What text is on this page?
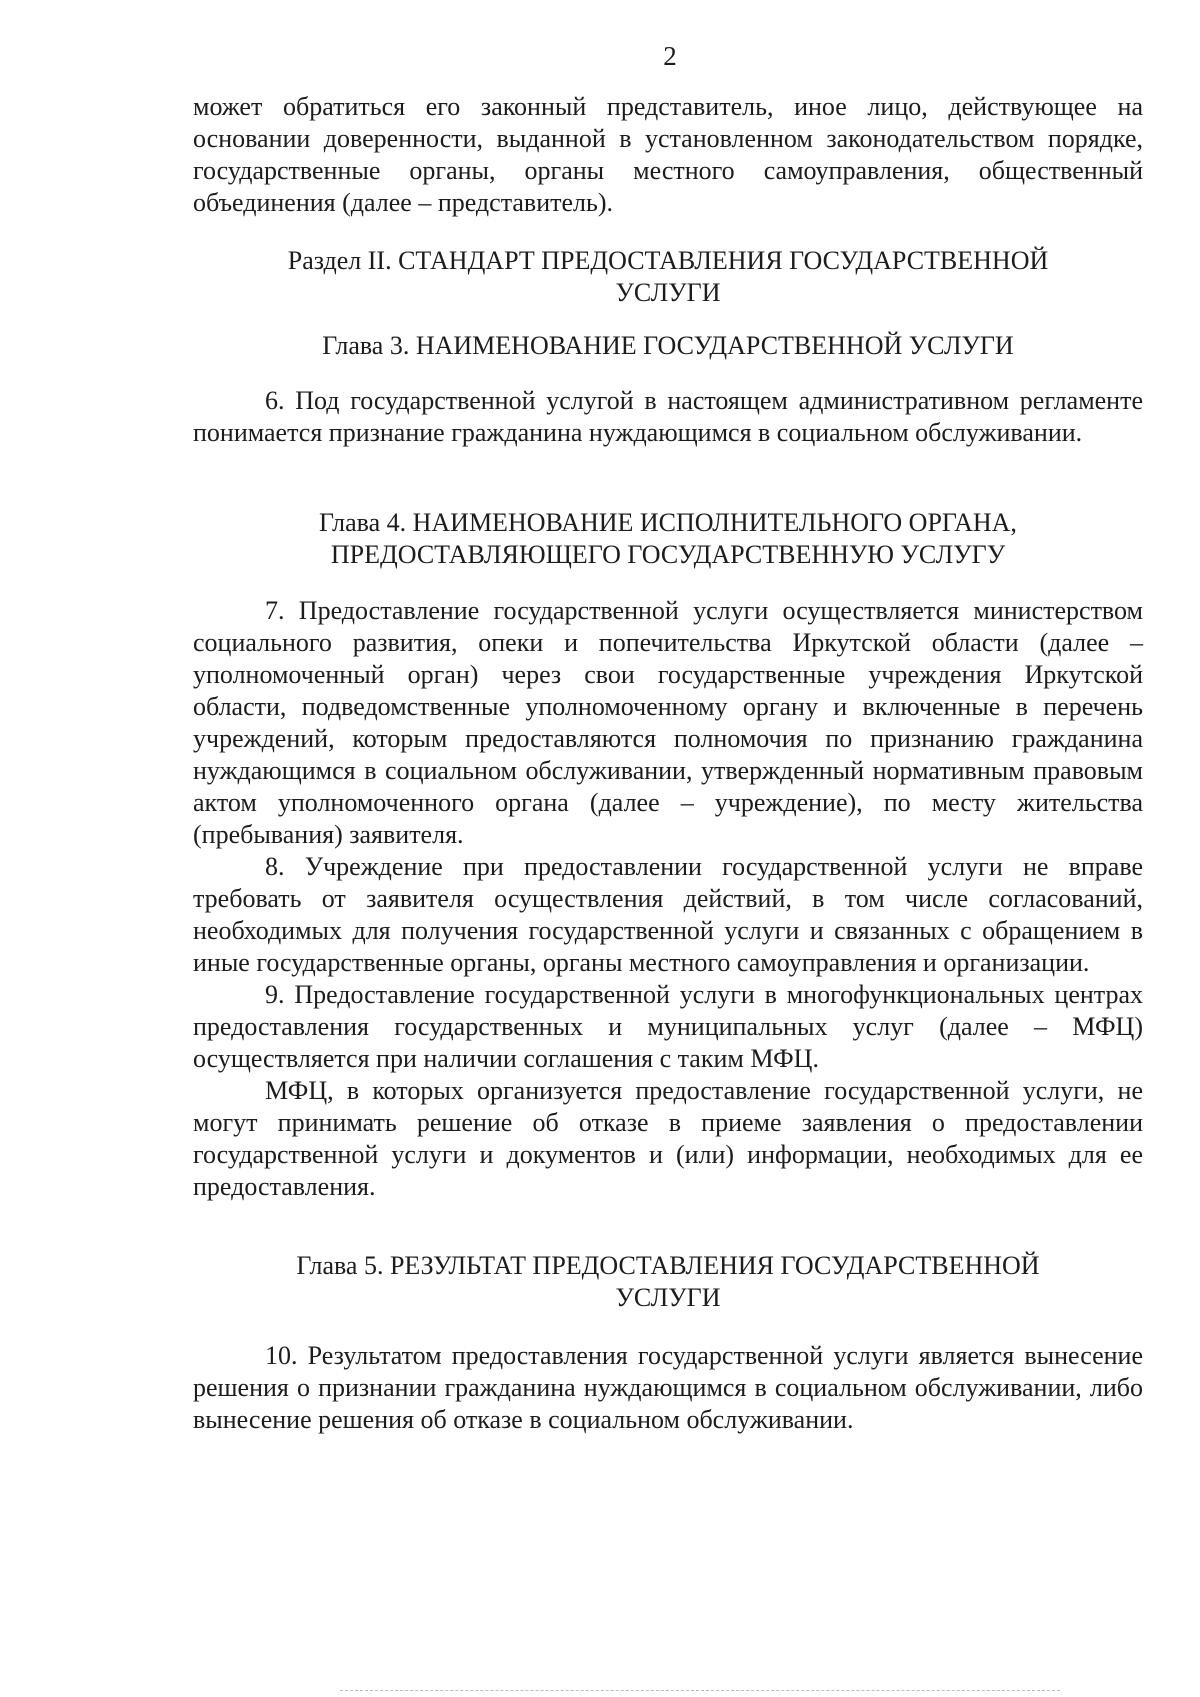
2

может обратиться его законный представитель, иное лицо, действующее на основании доверенности, выданной в установленном законодательством порядке, государственные органы, органы местного самоуправления, общественный объединения (далее – представитель).

Раздел II. СТАНДАРТ ПРЕДОСТАВЛЕНИЯ ГОСУДАРСТВЕННОЙ
УСЛУГИ
Глава 3. НАИМЕНОВАНИЕ ГОСУДАРСТВЕННОЙ УСЛУГИ

6. Под государственной услугой в настоящем административном регламенте понимается признание гражданина нуждающимся в социальном обслуживании.

Глава 4. НАИМЕНОВАНИЕ ИСПОЛНИТЕЛЬНОГО ОРГАНА,
ПРЕДОСТАВЛЯЮЩЕГО ГОСУДАРСТВЕННУЮ УСЛУГУ

7. Предоставление государственной услуги осуществляется министерством социального развития, опеки и попечительства Иркутской области (далее – уполномоченный орган) через свои государственные учреждения Иркутской области, подведомственные уполномоченному органу и включенные в перечень учреждений, которым предоставляются полномочия по признанию гражданина нуждающимся в социальном обслуживании, утвержденный нормативным правовым актом уполномоченного органа (далее – учреждение), по месту жительства (пребывания) заявителя.

8. Учреждение при предоставлении государственной услуги не вправе требовать от заявителя осуществления действий, в том числе согласований, необходимых для получения государственной услуги и связанных с обращением в иные государственные органы, органы местного самоуправления и организации.

9. Предоставление государственной услуги в многофункциональных центрах предоставления государственных и муниципальных услуг (далее – МФЦ) осуществляется при наличии соглашения с таким МФЦ.

МФЦ, в которых организуется предоставление государственной услуги, не могут принимать решение об отказе в приеме заявления о предоставлении государственной услуги и документов и (или) информации, необходимых для ее предоставления.

Глава 5. РЕЗУЛЬТАТ ПРЕДОСТАВЛЕНИЯ ГОСУДАРСТВЕННОЙ
УСЛУГИ

10. Результатом предоставления государственной услуги является вынесение решения о признании гражданина нуждающимся в социальном обслуживании, либо вынесение решения об отказе в социальном обслуживании.
